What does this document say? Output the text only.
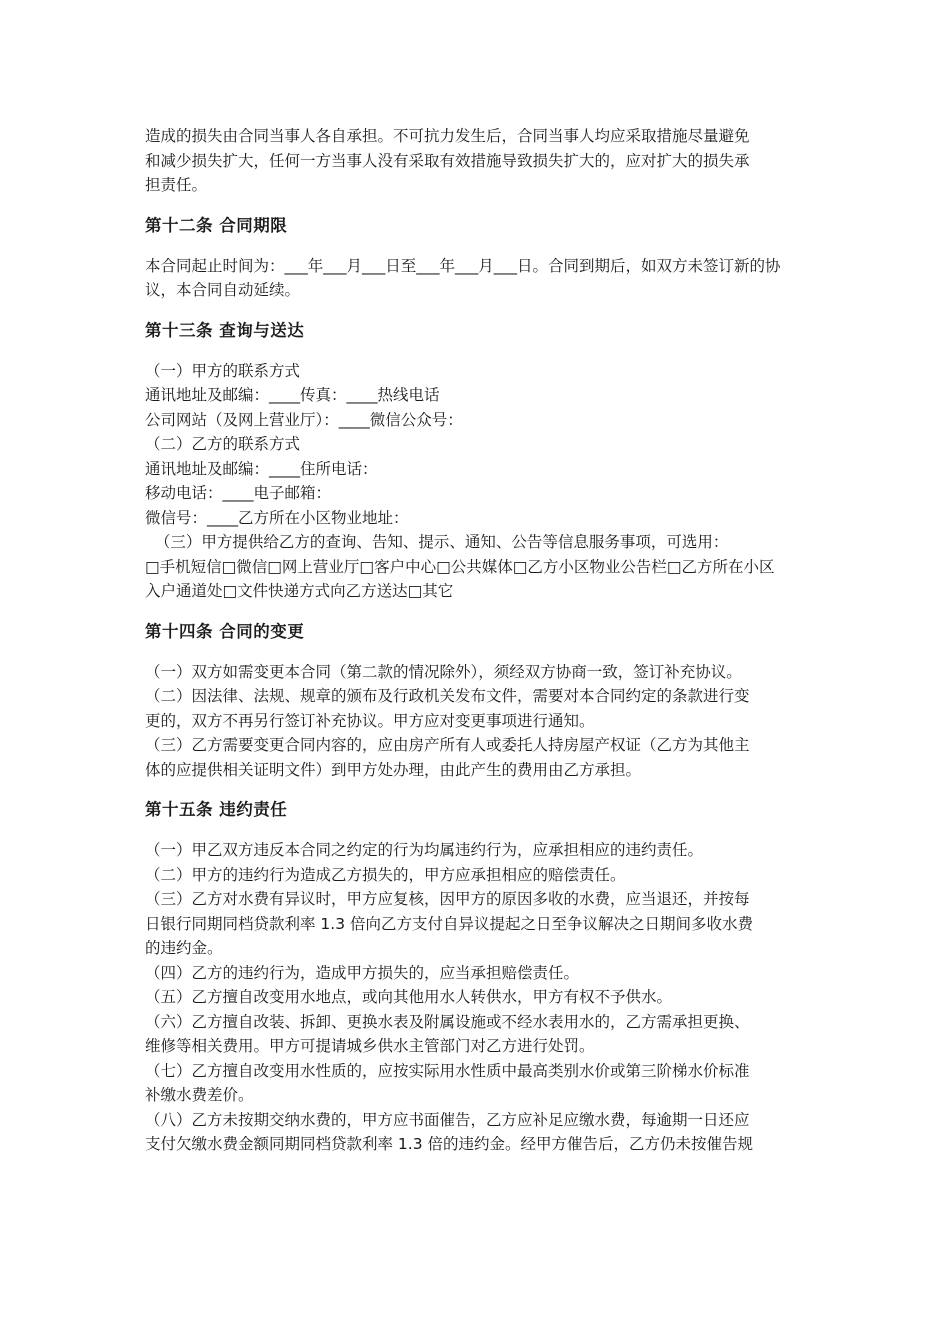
造成的损失由合同当事人各自承担。不可抗力发生后，合同当事人均应采取措施尽量避免

和减少损失扩大，任何一方当事人没有采取有效措施导致损失扩大的，应对扩大的损失承

担责任。

第十二条 合同期限

本合同起止时间为：___年___月___日至___年___月___日。合同到期后，如双方未签订新的协

议，本合同自动延续。

第十三条 查询与送达

（一）甲方的联系方式

通讯地址及邮编：____传真：____热线电话

公司网站（及网上营业厅）：____微信公众号：

（二）乙方的联系方式

通讯地址及邮编：____住所电话：

移动电话：____电子邮箱：

微信号：____乙方所在小区物业地址：

（三）甲方提供给乙方的查询、告知、提示、通知、公告等信息服务事项，可选用：

□手机短信□微信□网上营业厅□客户中心□公共媒体□乙方小区物业公告栏□乙方所在小区

入户通道处□文件快递方式向乙方送达□其它

第十四条 合同的变更

（一）双方如需变更本合同（第二款的情况除外），须经双方协商一致，签订补充协议。

（二）因法律、法规、规章的颁布及行政机关发布文件，需要对本合同约定的条款进行变

更的，双方不再另行签订补充协议。甲方应对变更事项进行通知。

（三）乙方需要变更合同内容的，应由房产所有人或委托人持房屋产权证（乙方为其他主

体的应提供相关证明文件）到甲方处办理，由此产生的费用由乙方承担。

第十五条 违约责任

（一）甲乙双方违反本合同之约定的行为均属违约行为，应承担相应的违约责任。

（二）甲方的违约行为造成乙方损失的，甲方应承担相应的赔偿责任。

（三）乙方对水费有异议时，甲方应复核，因甲方的原因多收的水费，应当退还，并按每

日银行同期同档贷款利率 1.3 倍向乙方支付自异议提起之日至争议解决之日期间多收水费

的违约金。

（四）乙方的违约行为，造成甲方损失的，应当承担赔偿责任。

（五）乙方擅自改变用水地点，或向其他用水人转供水，甲方有权不予供水。

（六）乙方擅自改装、拆卸、更换水表及附属设施或不经水表用水的，乙方需承担更换、

维修等相关费用。甲方可提请城乡供水主管部门对乙方进行处罚。

（七）乙方擅自改变用水性质的，应按实际用水性质中最高类别水价或第三阶梯水价标准

补缴水费差价。

（八）乙方未按期交纳水费的，甲方应书面催告，乙方应补足应缴水费，每逾期一日还应

支付欠缴水费金额同期同档贷款利率 1.3 倍的违约金。经甲方催告后，乙方仍未按催告规
